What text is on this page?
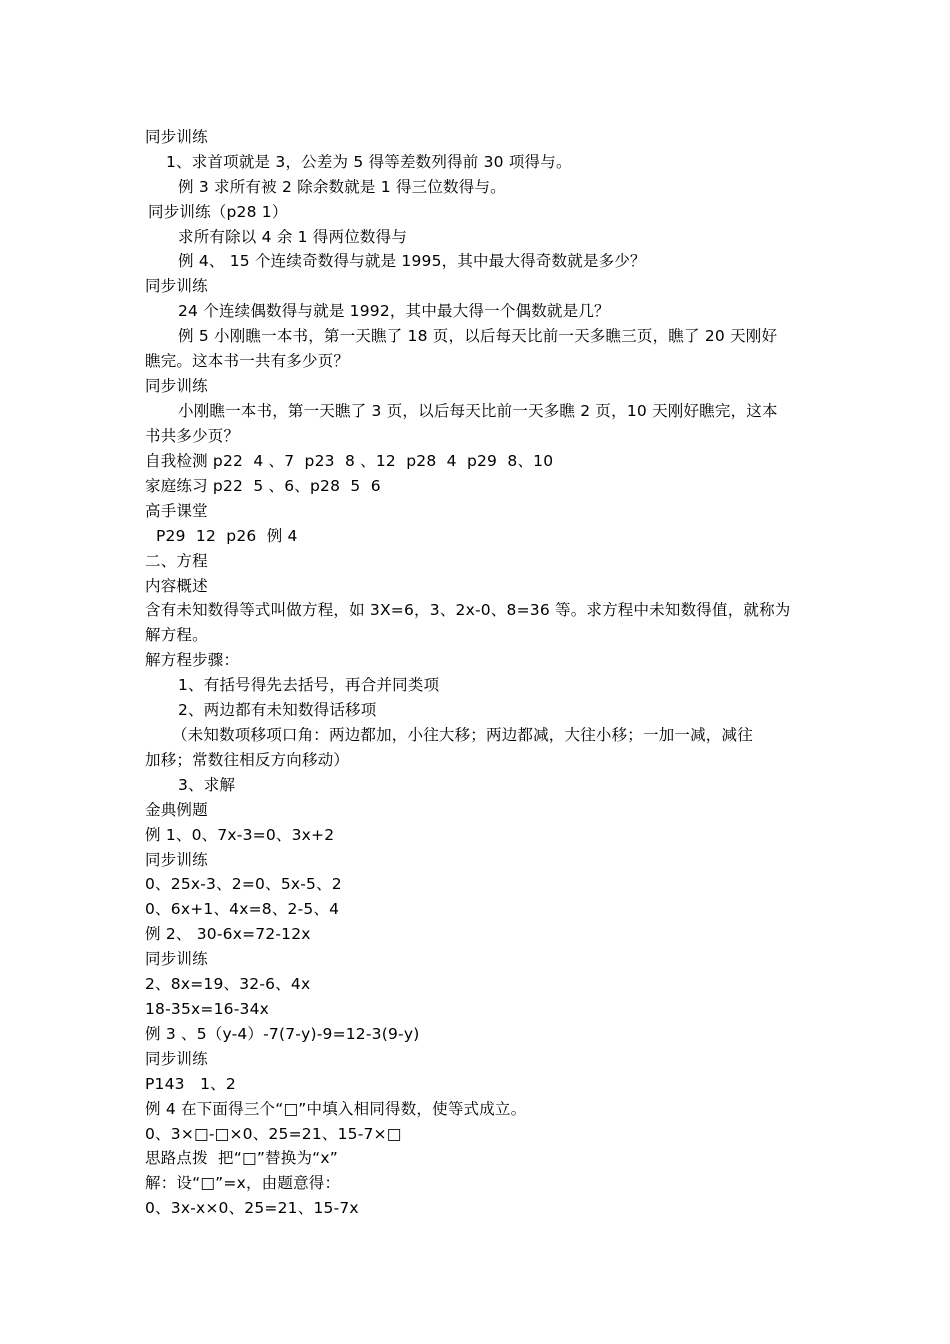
同步训练
1、求首项就是 3，公差为 5 得等差数列得前 30 项得与。
例 3 求所有被 2 除余数就是 1 得三位数得与。
同步训练（p28 1）
求所有除以 4 余 1 得两位数得与
例 4、 15 个连续奇数得与就是 1995，其中最大得奇数就是多少？
同步训练
24 个连续偶数得与就是 1992，其中最大得一个偶数就是几？
例 5 小刚瞧一本书，第一天瞧了 18 页，以后每天比前一天多瞧三页，瞧了 20 天刚好
瞧完。这本书一共有多少页？
同步训练
小刚瞧一本书，第一天瞧了 3 页，以后每天比前一天多瞧 2 页，10 天刚好瞧完，这本
书共多少页？
自我检测 p22  4 、7  p23  8 、12  p28  4  p29  8、10
家庭练习 p22  5 、6、p28  5  6
高手课堂
P29  12  p26  例 4
二、方程
内容概述
含有未知数得等式叫做方程，如 3X=6，3、2x-0、8=36 等。求方程中未知数得值，就称为
解方程。
解方程步骤：
1、有括号得先去括号，再合并同类项
2、两边都有未知数得话移项
（未知数项移项口角：两边都加，小往大移；两边都减，大往小移；一加一减，减往
加移；常数往相反方向移动）
3、求解
金典例题
例 1、0、7x-3=0、3x+2
同步训练
0、25x-3、2=0、5x-5、2
0、6x+1、4x=8、2-5、4
例 2、 30-6x=72-12x
同步训练
2、8x=19、32-6、4x
18-35x=16-34x
例 3 、5（y-4）-7(7-y)-9=12-3(9-y)
同步训练
P143   1、2
例 4 在下面得三个“□”中填入相同得数，使等式成立。
0、3×□-□×0、25=21、15-7×□
思路点拨  把“□”替换为“x”
解：设“□”=x，由题意得：
0、3x-x×0、25=21、15-7x
